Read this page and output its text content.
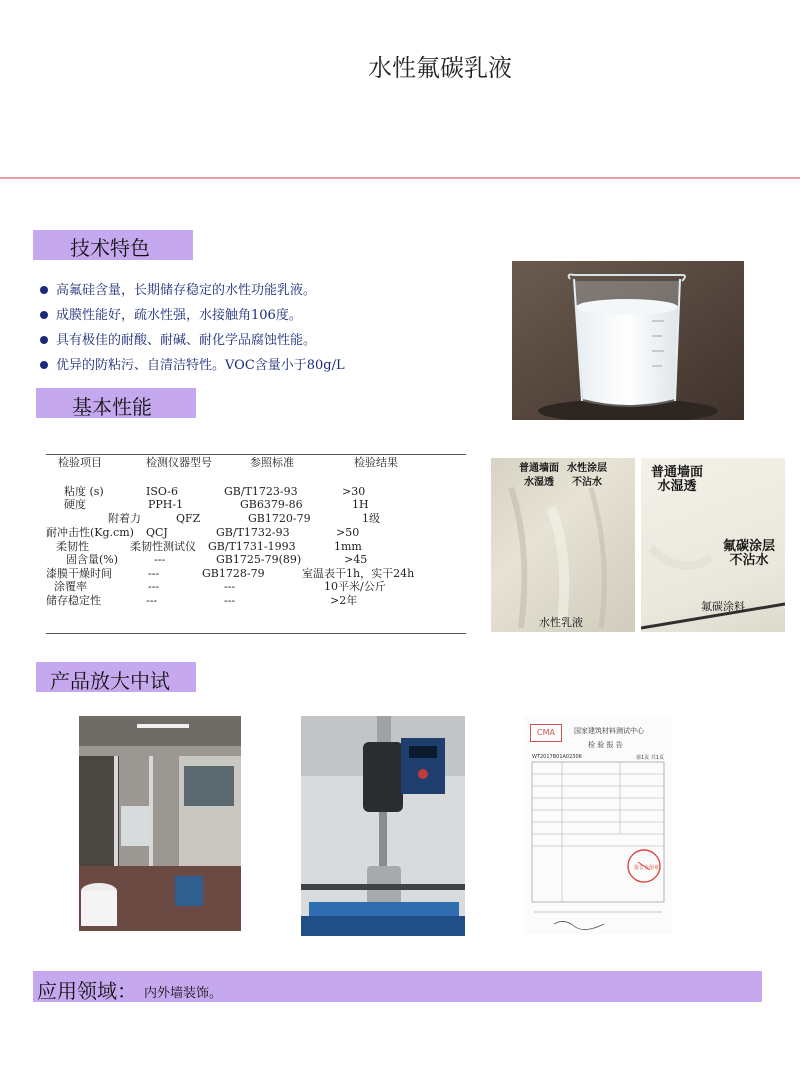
水性氟碳乳液
技术特色
高氟硅含量，长期储存稳定的水性功能乳液。
成膜性能好，疏水性强，水接触角106度。
具有极佳的耐酸、耐碱、耐化学品腐蚀性能。
优异的防粘污、自清洁特性。VOC含量小于80g/L
基本性能
检验项目	检测仪器型号	参照标准	检验结果
粘度 (s)	ISO-6	GB/T1723-93	>30
硬度	PPH-1	GB6379-86	1H
附着力	QFZ	GB1720-79	1级
耐冲击性(Kg.cm) QCJ	GB/T1732-93	>50
柔韧性	柔韧性测试仪 GB/T1731-1993	1mm
固含量(%)	---	GB1725-79(89)	>45
漆膜干燥时间	---	GB1728-79	室温表干1h，实干24h
涂覆率	---	---	10平米/公斤
储存稳定性	---	---	>2年
普通墙面
水湿透
水性涂层
不沾水
水性乳液
普通墙面
水湿透
氟碳涂层
不沾水
氟碳涂料
产品放大中试
CMA	国家建筑材料测试中心
检 验 报 告
WT2017B01A02306	第1页 共1页
报告专用章
应用领域： 内外墙装饰。
